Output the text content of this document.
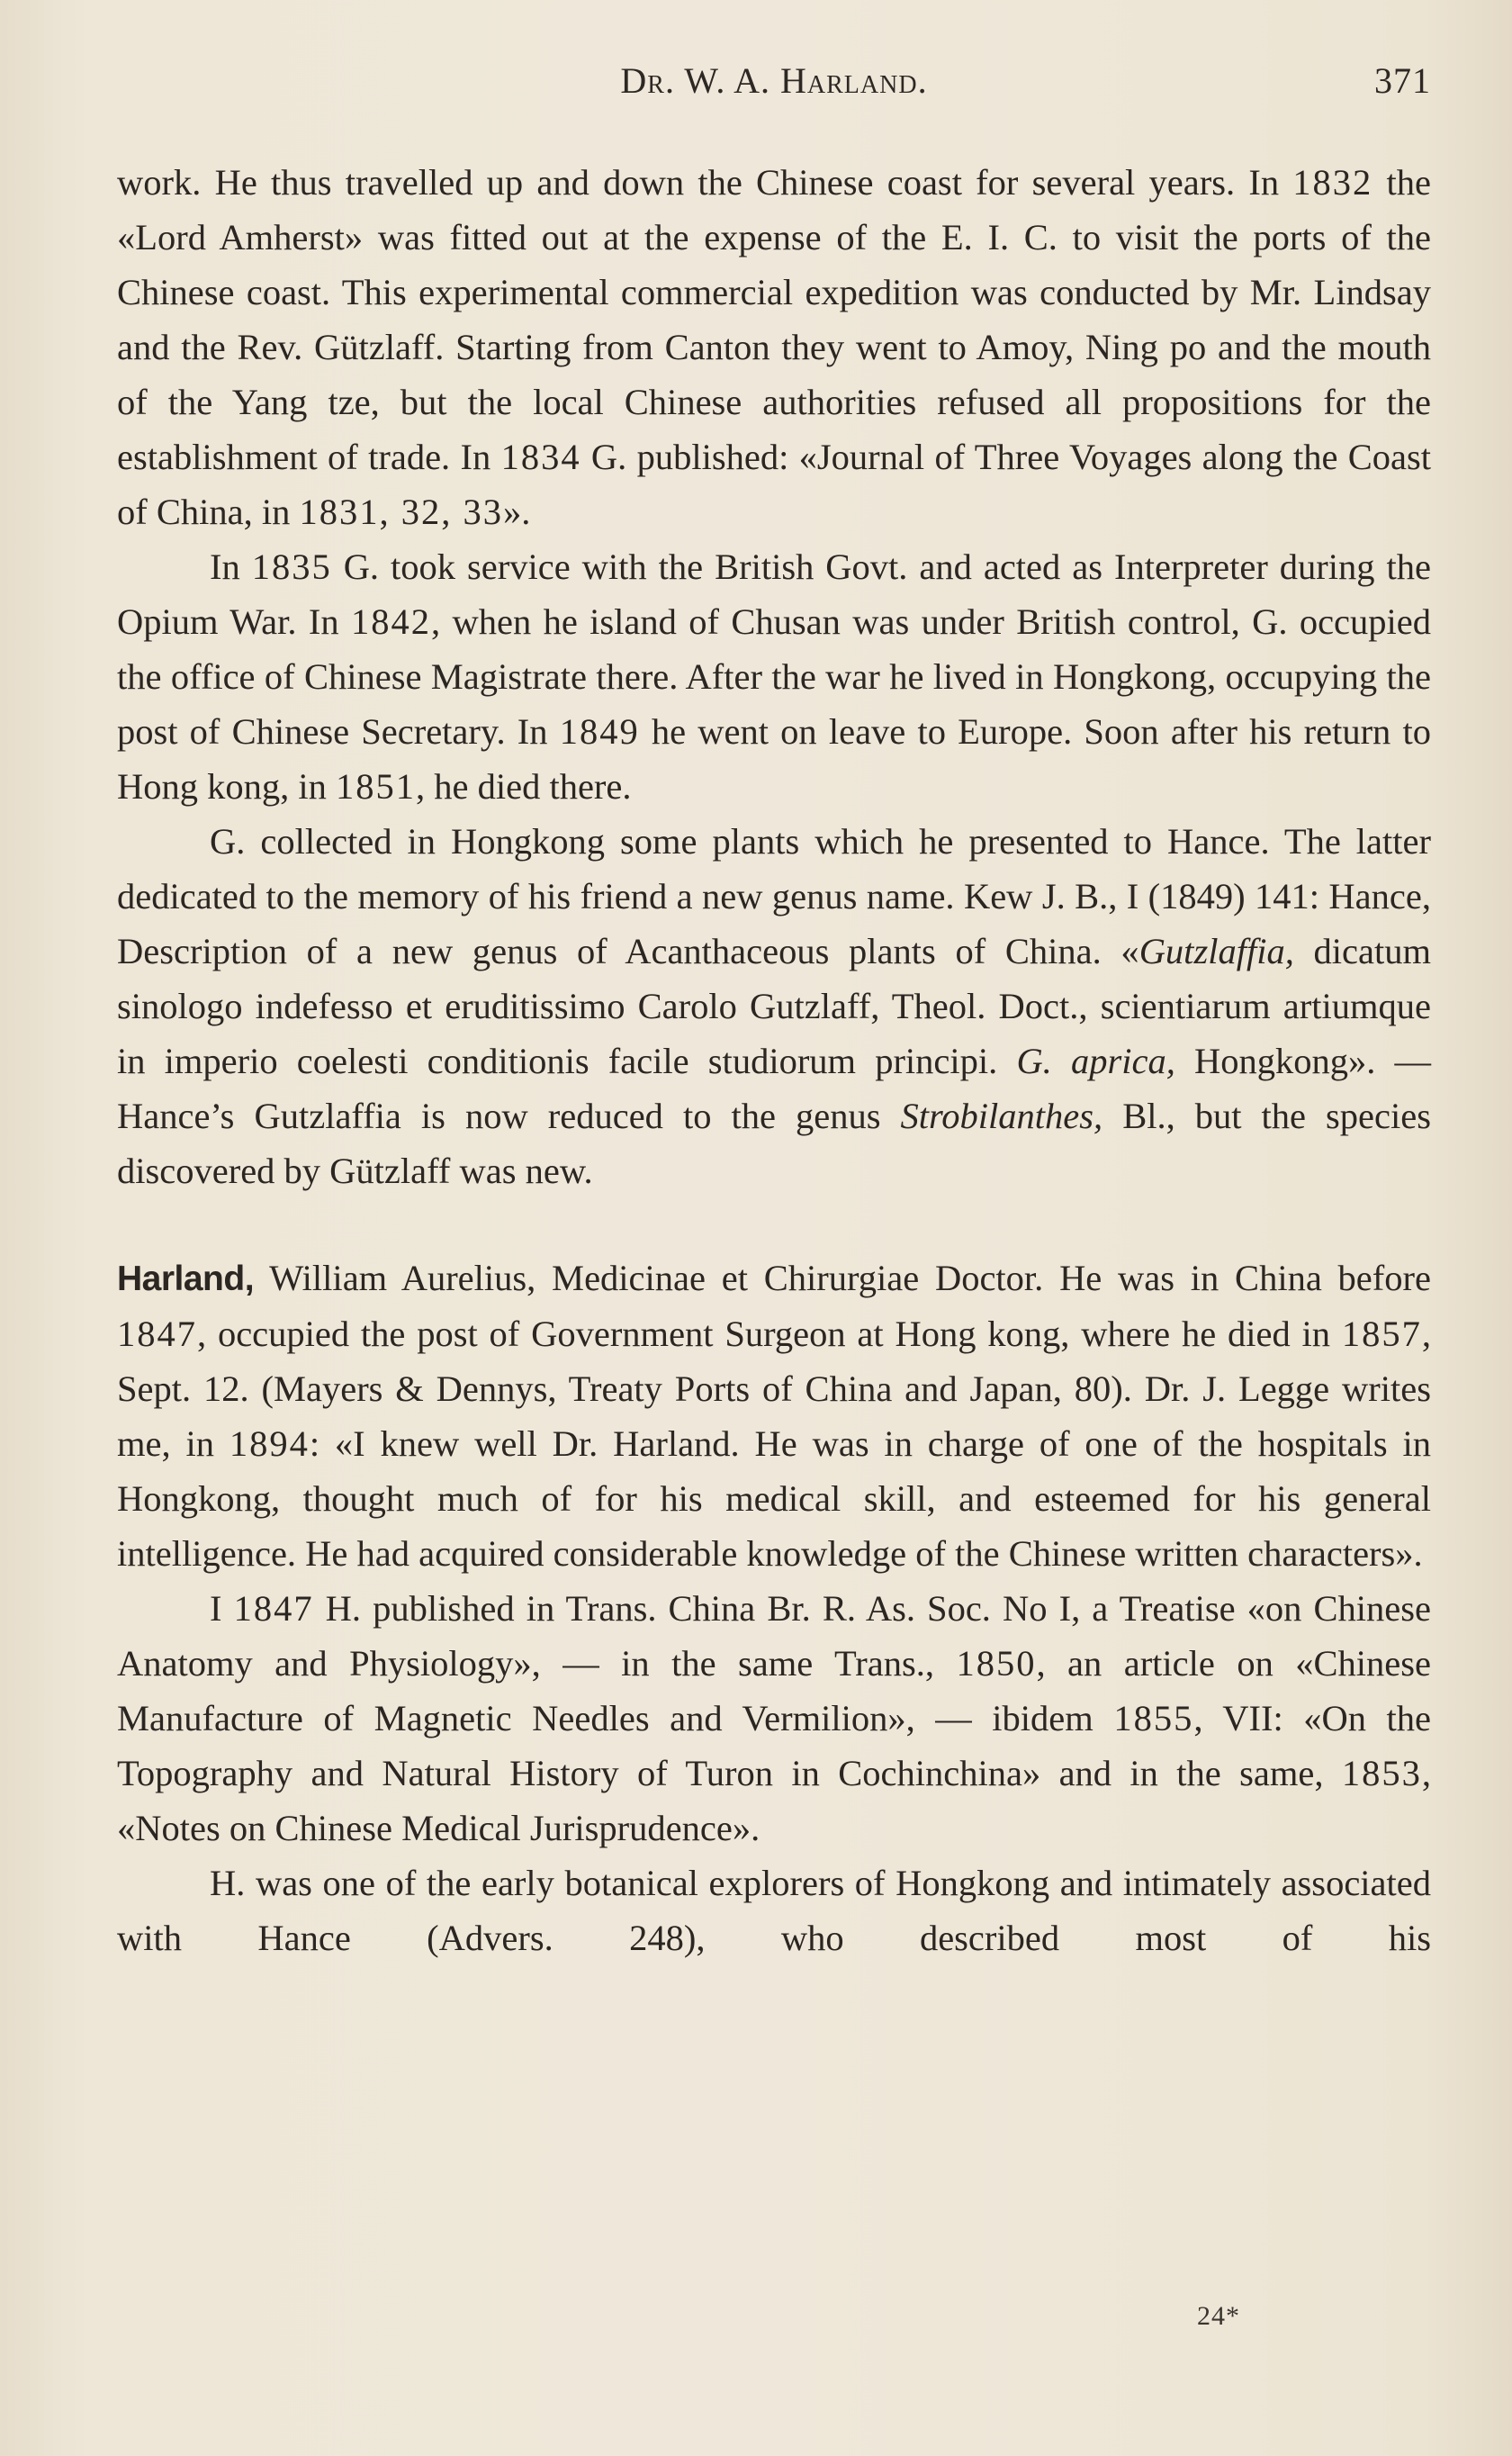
Dr. W. A. Harland.	371

work. He thus travelled up and down the Chinese coast for several years. In 1832 the «Lord Amherst» was fitted out at the expense of the E. I. C. to visit the ports of the Chinese coast. This experimental commercial expedition was conducted by Mr. Lindsay and the Rev. Gützlaff. Starting from Canton they went to Amoy, Ning po and the mouth of the Yang tze, but the local Chinese authorities refused all propositions for the establishment of trade. In 1834 G. published: «Journal of Three Voyages along the Coast of China, in 1831, 32, 33».

In 1835 G. took service with the British Govt. and acted as Interpreter during the Opium War. In 1842, when he island of Chusan was under British control, G. occupied the office of Chinese Magistrate there. After the war he lived in Hongkong, occupying the post of Chinese Secretary. In 1849 he went on leave to Europe. Soon after his return to Hong kong, in 1851, he died there.

G. collected in Hongkong some plants which he presented to Hance. The latter dedicated to the memory of his friend a new genus name. Kew J. B., I (1849) 141: Hance, Description of a new genus of Acanthaceous plants of China. «Gutzlaffia, dicatum sinologo indefesso et eruditissimo Carolo Gutzlaff, Theol. Doct., scientiarum artiumque in imperio coelesti conditionis facile studiorum principi. G. aprica, Hongkong». — Hance’s Gutzlaffia is now reduced to the genus Strobilanthes, Bl., but the species discovered by Gützlaff was new.

Harland, William Aurelius, Medicinae et Chirurgiae Doctor. He was in China before 1847, occupied the post of Government Surgeon at Hong kong, where he died in 1857, Sept. 12. (Mayers & Dennys, Treaty Ports of China and Japan, 80). Dr. J. Legge writes me, in 1894: «I knew well Dr. Harland. He was in charge of one of the hospitals in Hongkong, thought much of for his medical skill, and esteemed for his general intelligence. He had acquired considerable knowledge of the Chinese written characters».

I 1847 H. published in Trans. China Br. R. As. Soc. No I, a Treatise «on Chinese Anatomy and Physiology», — in the same Trans., 1850, an article on «Chinese Manufacture of Magnetic Needles and Vermilion», — ibidem 1855, VII: «On the Topography and Natural History of Turon in Cochinchina» and in the same, 1853, «Notes on Chinese Medical Jurisprudence».

H. was one of the early botanical explorers of Hongkong and intimately associated with Hance (Advers. 248), who described most of his

24*
